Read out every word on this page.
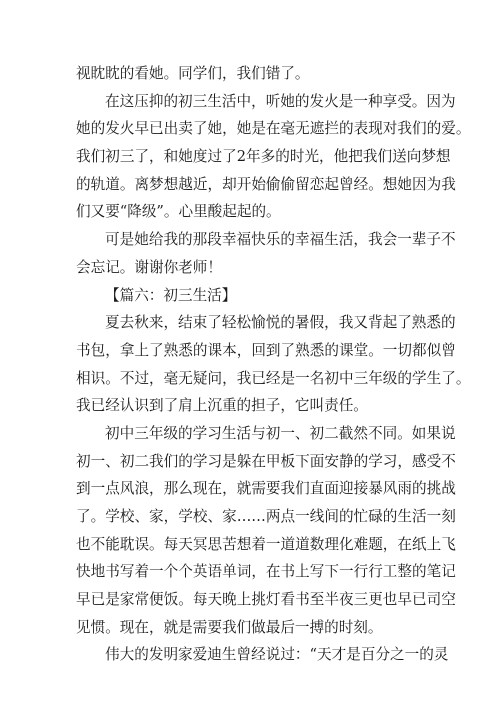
视眈眈的看她。同学们，我们错了。
在 这 压 抑 的 初 三 生 活 中 ， 听 她 的 发 火 是 一 种 享 受 。 因 为
她 的 发 火 早 已 出 卖 了 她 ， 她 是 在 毫 无 遮 拦 的 表 现 对 我 们 的 爱 。
我 们 初 三 了 ， 和 她 度 过 了 2 年 多 的 时 光 ， 他 把 我 们 送 向 梦 想
的 轨 道 。 离 梦 想 越 近 ， 却 开 始 偷 偷 留 恋 起 曾 经 。 想 她 因 为 我
们又要“降级”。心里酸起起的。
可 是 她 给 我 的 那 段 幸 福 快 乐 的 幸 福 生 活 ， 我 会 一 辈 子 不
会忘记。谢谢你老师！
【篇六：初三生活】
夏 去 秋 来 ， 结 束 了 轻 松 愉 悦 的 暑 假 ， 我 又 背 起 了 熟 悉 的
书 包 ， 拿 上 了 熟 悉 的 课 本 ， 回 到 了 熟 悉 的 课 堂 。 一 切 都 似 曾
相 识 。 不 过 ， 毫 无 疑 问 ， 我 已 经 是 一 名 初 中 三 年 级 的 学 生 了 。
我已经认识到了肩上沉重的担子，它叫责任。
初 中 三 年 级 的 学 习 生 活 与 初 一 、 初 二 截 然 不 同 。 如 果 说
初 一 、 初 二 我 们 的 学 习 是 躲 在 甲 板 下 面 安 静 的 学 习 ， 感 受 不
到 一 点 风 浪 ， 那 么 现 在 ， 就 需 要 我 们 直 面 迎 接 暴 风 雨 的 挑 战
了 。 学 校 、 家 ， 学 校 、 家 … … 两 点 一 线 间 的 忙 碌 的 生 活 一 刻
也 不 能 耽 误 。 每 天 冥 思 苦 想 着 一 道 道 数 理 化 难 题 ， 在 纸 上 飞
快 地 书 写 着 一 个 个 英 语 单 词 ， 在 书 上 写 下 一 行 行 工 整 的 笔 记
早 已 是 家 常 便 饭 。 每 天 晚 上 挑 灯 看 书 至 半 夜 三 更 也 早 已 司 空
见惯。现在，就是需要我们做最后一搏的时刻。
伟 大 的 发 明 家 爱 迪 生 曾 经 说 过 ： “ 天 才 是 百 分 之 一 的 灵
